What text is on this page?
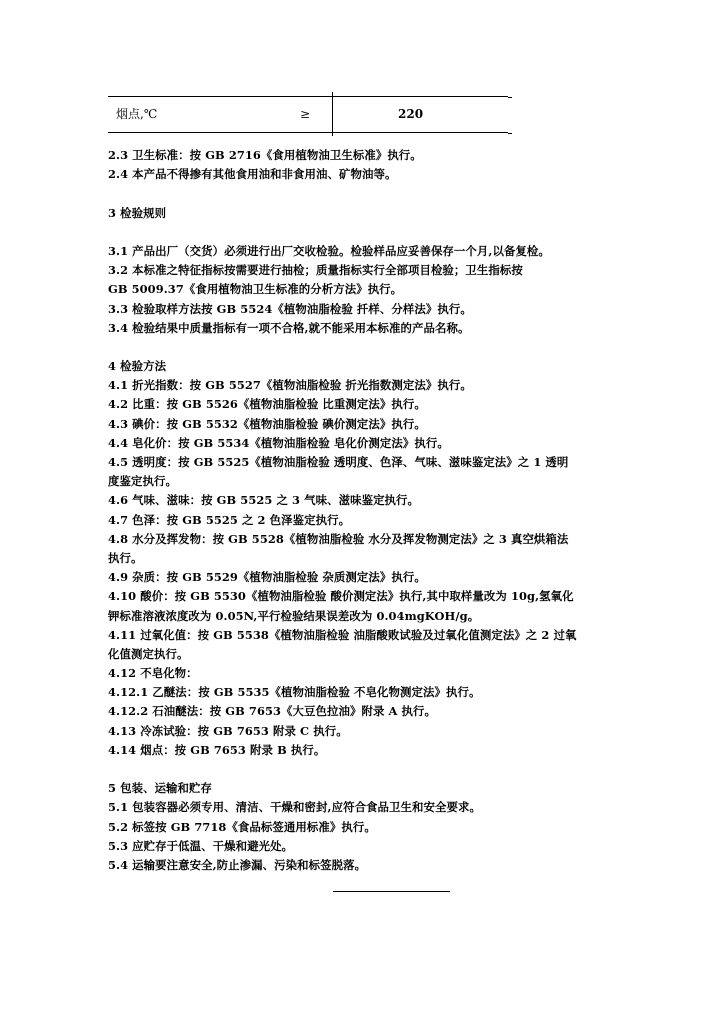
烟点,℃	≥	220
2.3 卫生标准：按 GB 2716《食用植物油卫生标准》执行。
2.4 本产品不得掺有其他食用油和非食用油、矿物油等。
3 检验规则
3.1 产品出厂（交货）必须进行出厂交收检验。检验样品应妥善保存一个月,以备复检。
3.2 本标准之特征指标按需要进行抽检；质量指标实行全部项目检验；卫生指标按
GB 5009.37《食用植物油卫生标准的分析方法》执行。
3.3 检验取样方法按 GB 5524《植物油脂检验 扦样、分样法》执行。
3.4 检验结果中质量指标有一项不合格,就不能采用本标准的产品名称。
4 检验方法
4.1 折光指数：按 GB 5527《植物油脂检验 折光指数测定法》执行。
4.2 比重：按 GB 5526《植物油脂检验 比重测定法》执行。
4.3 碘价：按 GB 5532《植物油脂检验 碘价测定法》执行。
4.4 皂化价：按 GB 5534《植物油脂检验 皂化价测定法》执行。
4.5 透明度：按 GB 5525《植物油脂检验 透明度、色泽、气味、滋味鉴定法》之 1 透明
度鉴定执行。
4.6 气味、滋味：按 GB 5525 之 3 气味、滋味鉴定执行。
4.7 色泽：按 GB 5525 之 2 色泽鉴定执行。
4.8 水分及挥发物：按 GB 5528《植物油脂检验 水分及挥发物测定法》之 3 真空烘箱法
执行。
4.9 杂质：按 GB 5529《植物油脂检验 杂质测定法》执行。
4.10 酸价：按 GB 5530《植物油脂检验 酸价测定法》执行,其中取样量改为 10g,氢氧化
钾标准溶液浓度改为 0.05N,平行检验结果误差改为 0.04mgKOH/g。
4.11 过氧化值：按 GB 5538《植物油脂检验 油脂酸败试验及过氧化值测定法》之 2 过氧
化值测定执行。
4.12 不皂化物：
4.12.1 乙醚法：按 GB 5535《植物油脂检验 不皂化物测定法》执行。
4.12.2 石油醚法：按 GB 7653《大豆色拉油》附录 A 执行。
4.13 冷冻试验：按 GB 7653 附录 C 执行。
4.14 烟点：按 GB 7653 附录 B 执行。
5 包装、运输和贮存
5.1 包装容器必须专用、清洁、干燥和密封,应符合食品卫生和安全要求。
5.2 标签按 GB 7718《食品标签通用标准》执行。
5.3 应贮存于低温、干燥和避光处。
5.4 运输要注意安全,防止渗漏、污染和标签脱落。
